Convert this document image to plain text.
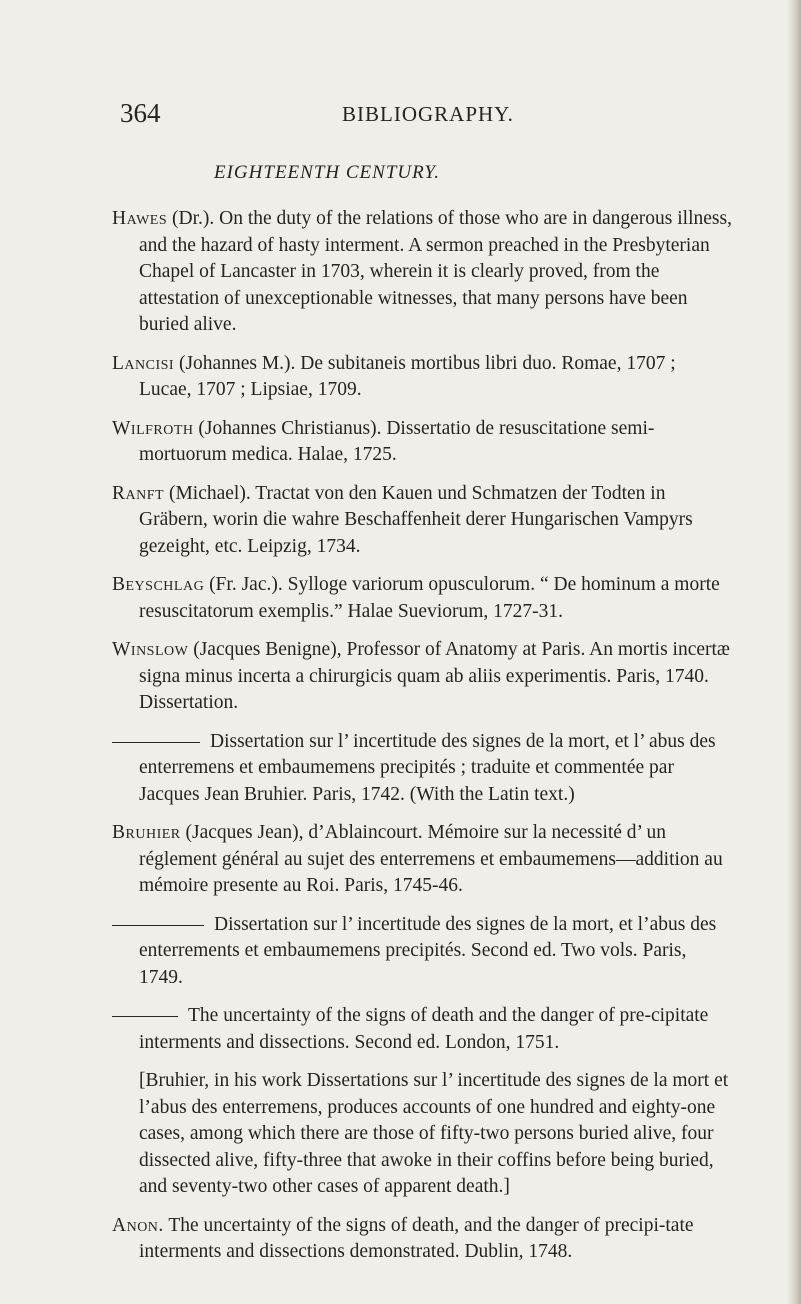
364	BIBLIOGRAPHY.
EIGHTEENTH CENTURY.

Hawes (Dr.). On the duty of the relations of those who are in dangerous illness, and the hazard of hasty interment. A sermon preached in the Presbyterian Chapel of Lancaster in 1703, wherein it is clearly proved, from the attestation of unexceptionable witnesses, that many persons have been buried alive.

Lancisi (Johannes M.). De subitaneis mortibus libri duo. Romae, 1707 ; Lucae, 1707 ; Lipsiae, 1709.

Wilfroth (Johannes Christianus). Dissertatio de resuscitatione semi-mortuorum medica. Halae, 1725.

Ranft (Michael). Tractat von den Kauen und Schmatzen der Todten in Gräbern, worin die wahre Beschaffenheit derer Hungarischen Vampyrs gezeight, etc. Leipzig, 1734.

Beyschlag (Fr. Jac.). Sylloge variorum opusculorum. “ De hominum a morte resuscitatorum exemplis.” Halae Sueviorum, 1727-31.

Winslow (Jacques Benigne), Professor of Anatomy at Paris. An mortis incertæ signa minus incerta a chirurgicis quam ab aliis experimentis. Paris, 1740. Dissertation.

Dissertation sur l’ incertitude des signes de la mort, et l’ abus des enterremens et embaumemens precipités ; traduite et commentée par Jacques Jean Bruhier. Paris, 1742. (With the Latin text.)

Bruhier (Jacques Jean), d’Ablaincourt. Mémoire sur la necessité d’ un réglement général au sujet des enterremens et embaumemens—addition au mémoire presente au Roi. Paris, 1745-46.

Dissertation sur l’ incertitude des signes de la mort, et l’abus des enterrements et embaumemens precipités. Second ed. Two vols. Paris, 1749.

The uncertainty of the signs of death and the danger of pre-cipitate interments and dissections. Second ed. London, 1751.

[Bruhier, in his work Dissertations sur l’ incertitude des signes de la mort et l’abus des enterremens, produces accounts of one hundred and eighty-one cases, among which there are those of fifty-two persons buried alive, four dissected alive, fifty-three that awoke in their coffins before being buried, and seventy-two other cases of apparent death.]

Anon. The uncertainty of the signs of death, and the danger of precipi-tate interments and dissections demonstrated. Dublin, 1748.
